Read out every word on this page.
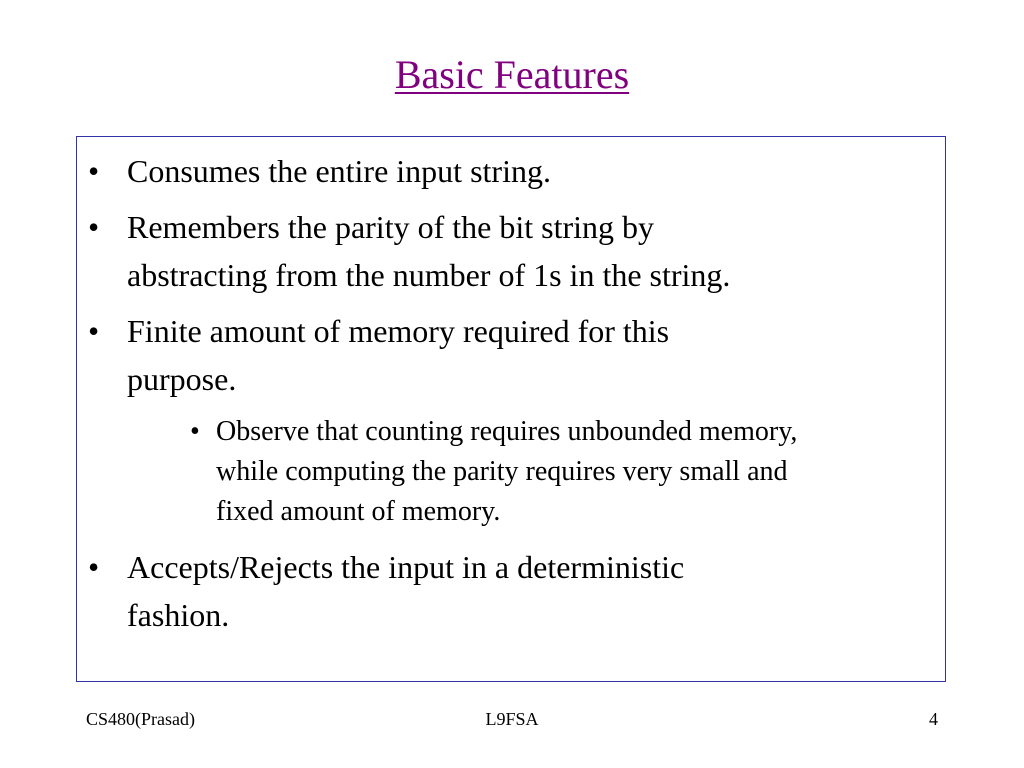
Basic Features
• Consumes the entire input string.
• Remembers the parity of the bit string by
abstracting from the number of 1s in the string.
• Finite amount of memory required for this
purpose.
• Observe that counting requires unbounded memory,
while computing the parity requires very small and
fixed amount of memory.
• Accepts/Rejects the input in a deterministic
fashion.
CS480(Prasad)	L9FSA	4
